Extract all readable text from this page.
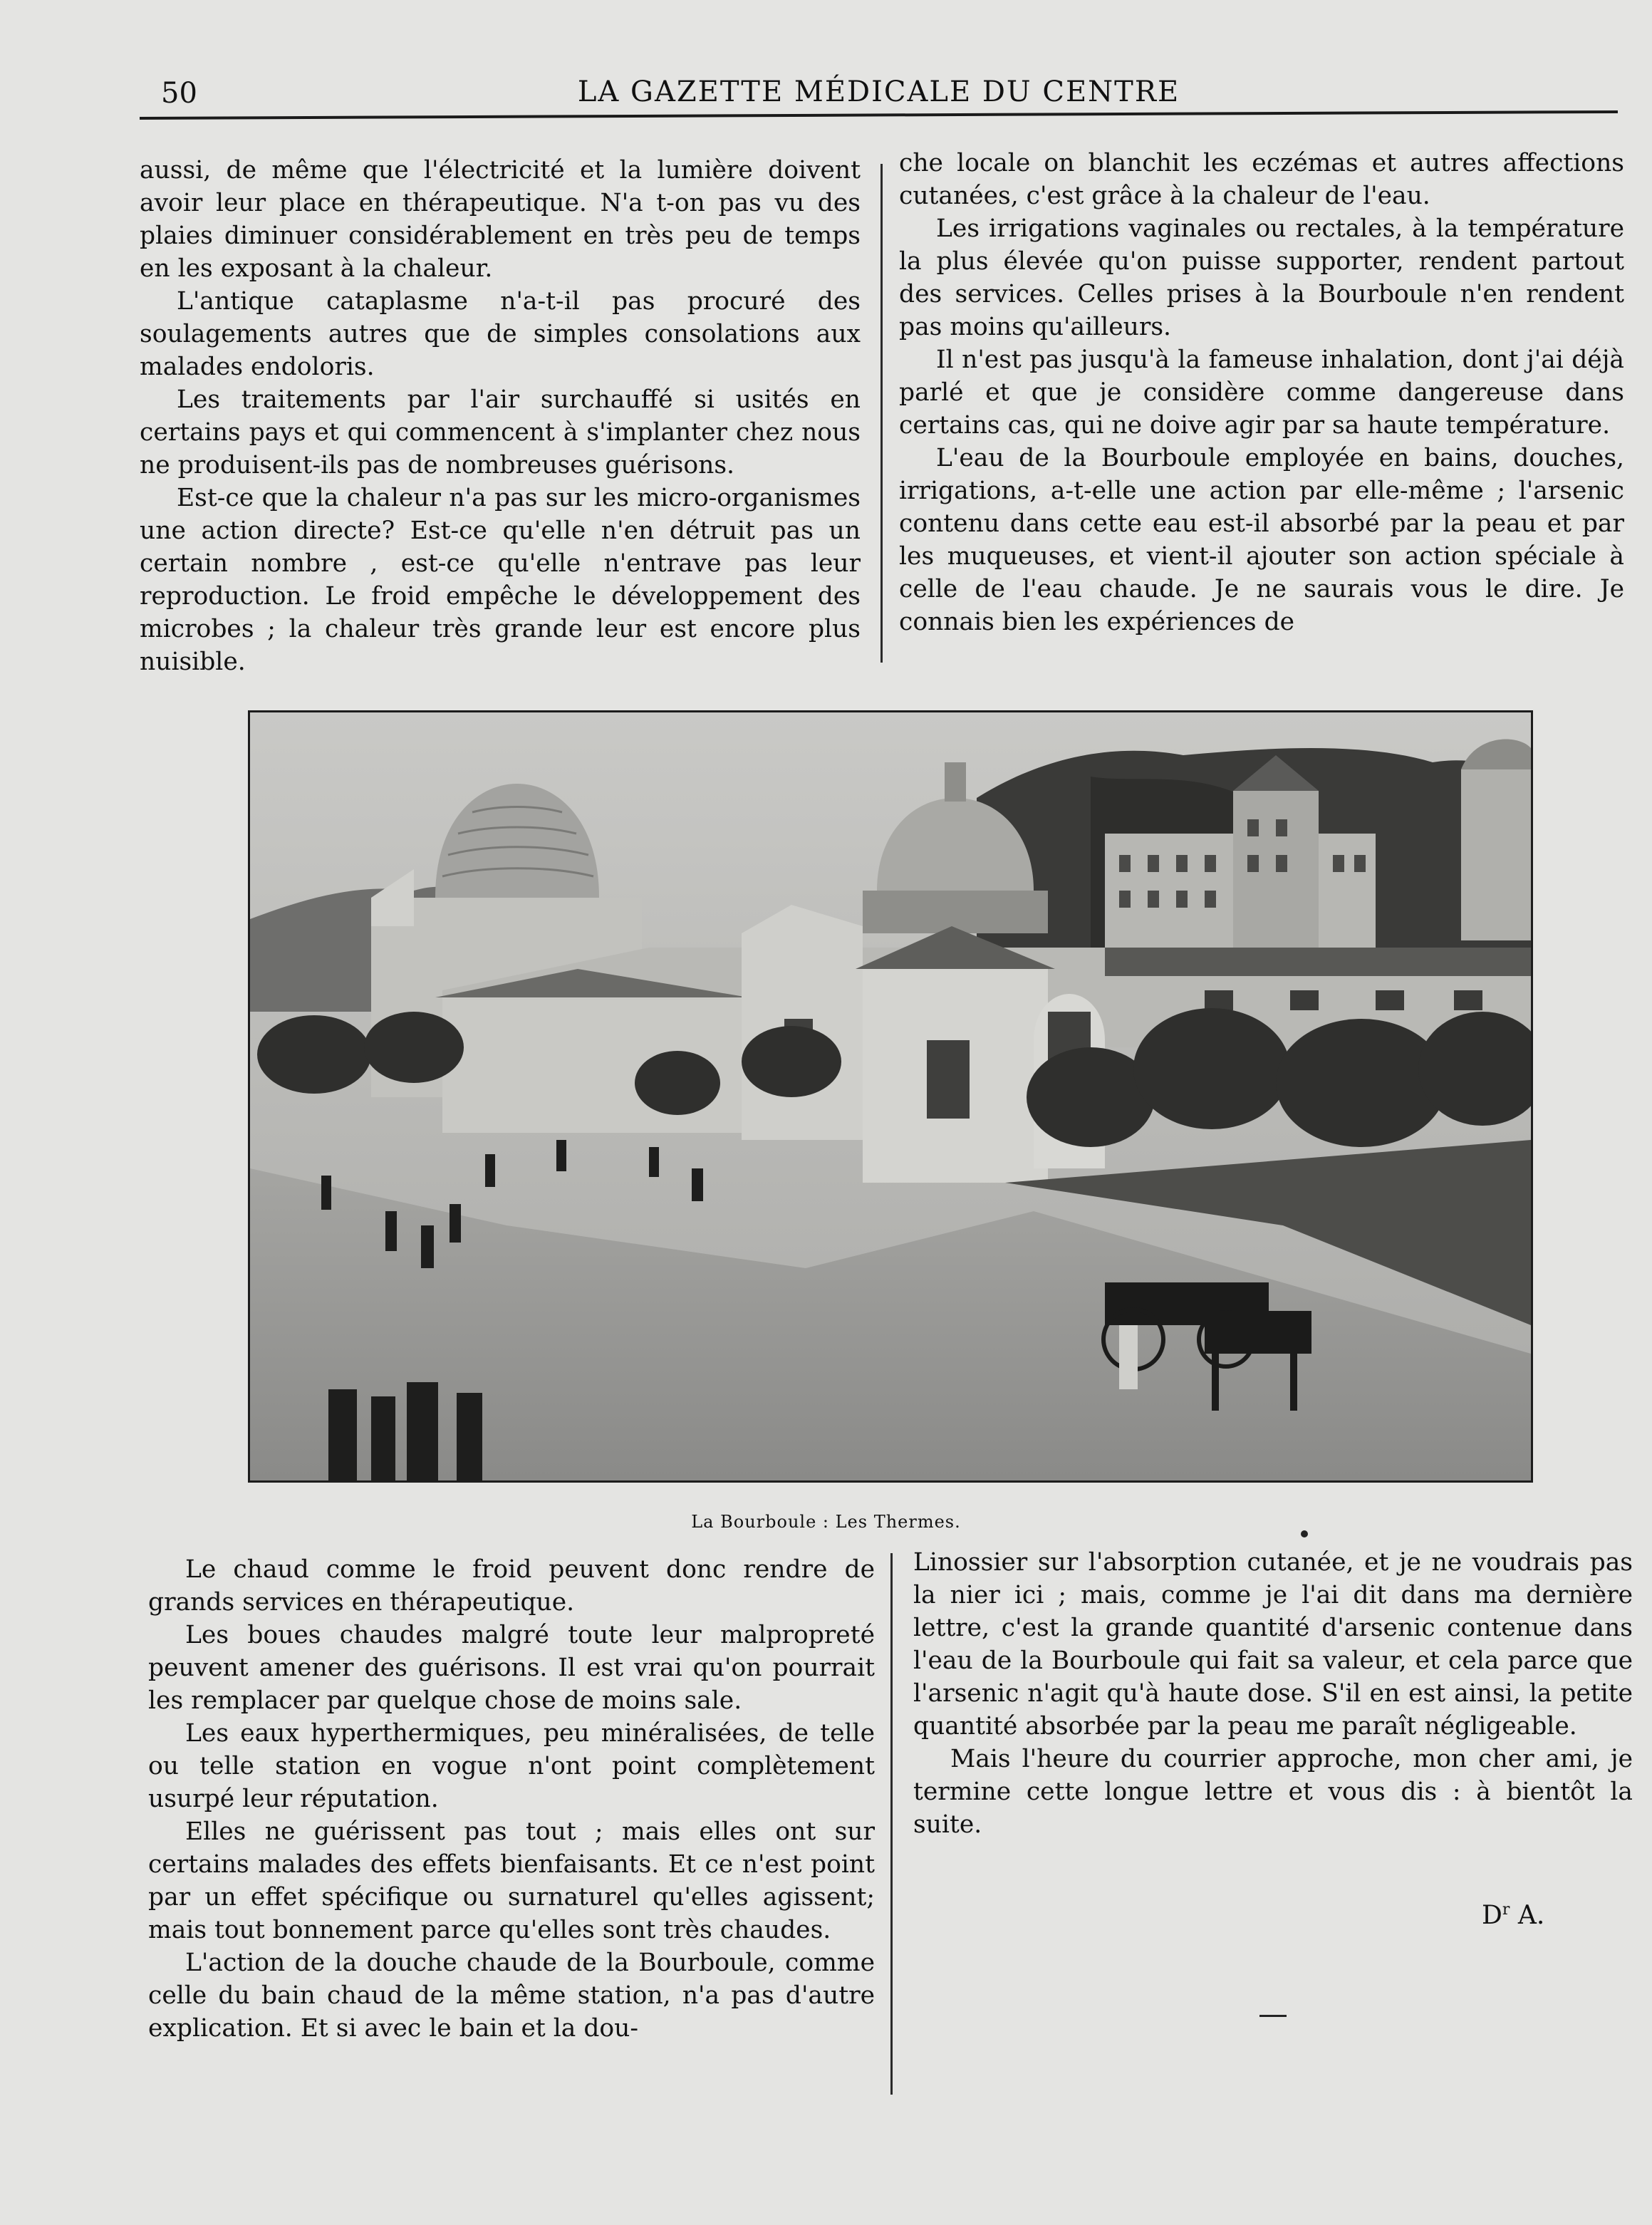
50	LA GAZETTE MÉDICALE DU CENTRE

aussi, de même que l'électricité et la lumière doivent avoir leur place en thérapeutique. N'a t-on pas vu des plaies diminuer considérablement en très peu de temps en les exposant à la chaleur.

L'antique cataplasme n'a-t-il pas procuré des soulagements autres que de simples consolations aux malades endoloris.

Les traitements par l'air surchauffé si usités en certains pays et qui commencent à s'implanter chez nous ne produisent-ils pas de nombreuses guérisons.

Est-ce que la chaleur n'a pas sur les micro-organismes une action directe? Est-ce qu'elle n'en détruit pas un certain nombre , est-ce qu'elle n'entrave pas leur reproduction. Le froid empêche le développement des microbes ; la chaleur très grande leur est encore plus nuisible.

che locale on blanchit les eczémas et autres affections cutanées, c'est grâce à la chaleur de l'eau.

Les irrigations vaginales ou rectales, à la température la plus élevée qu'on puisse supporter, rendent partout des services. Celles prises à la Bourboule n'en rendent pas moins qu'ailleurs.

Il n'est pas jusqu'à la fameuse inhalation, dont j'ai déjà parlé et que je considère comme dangereuse dans certains cas, qui ne doive agir par sa haute température.

L'eau de la Bourboule employée en bains, douches, irrigations, a-t-elle une action par elle-même ; l'arsenic contenu dans cette eau est-il absorbé par la peau et par les muqueuses, et vient-il ajouter son action spéciale à celle de l'eau chaude. Je ne saurais vous le dire. Je connais bien les expériences de

La Bourboule : Les Thermes.

Le chaud comme le froid peuvent donc rendre de grands services en thérapeutique.

Les boues chaudes malgré toute leur malpropreté peuvent amener des guérisons. Il est vrai qu'on pourrait les remplacer par quelque chose de moins sale.

Les eaux hyperthermiques, peu minéralisées, de telle ou telle station en vogue n'ont point complètement usurpé leur réputation.

Elles ne guérissent pas tout ; mais elles ont sur certains malades des effets bienfaisants. Et ce n'est point par un effet spécifique ou surnaturel qu'elles agissent; mais tout bonnement parce qu'elles sont très chaudes.

L'action de la douche chaude de la Bourboule, comme celle du bain chaud de la même station, n'a pas d'autre explication. Et si avec le bain et la dou-

Linossier sur l'absorption cutanée, et je ne voudrais pas la nier ici ; mais, comme je l'ai dit dans ma dernière lettre, c'est la grande quantité d'arsenic contenue dans l'eau de la Bourboule qui fait sa valeur, et cela parce que l'arsenic n'agit qu'à haute dose. S'il en est ainsi, la petite quantité absorbée par la peau me paraît négligeable.

Mais l'heure du courrier approche, mon cher ami, je termine cette longue lettre et vous dis : à bientôt la suite.

$D^r$ A.
